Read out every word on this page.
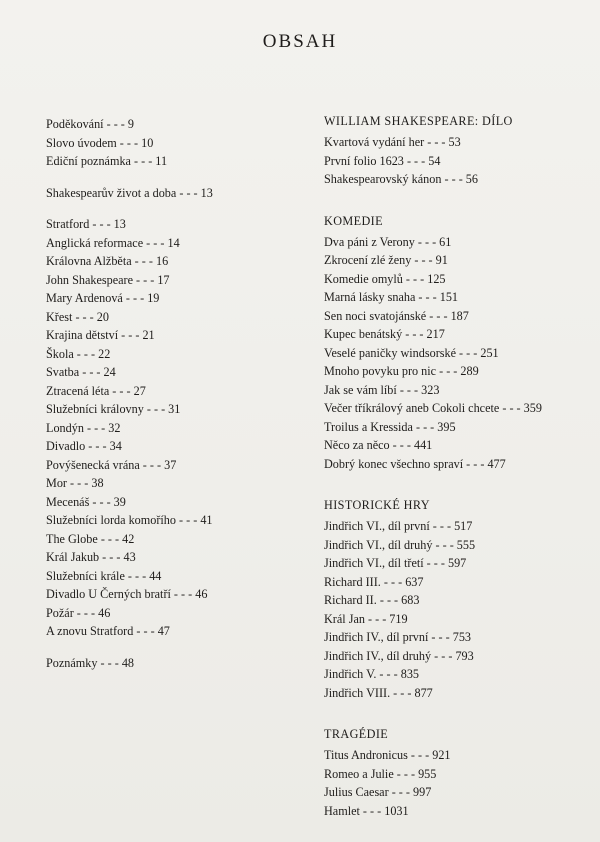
OBSAH
Poděkování - - - 9
Slovo úvodem - - - 10
Ediční poznámka - - - 11
Shakespearův život a doba - - - 13
Stratford - - - 13
Anglická reformace - - - 14
Královna Alžběta - - - 16
John Shakespeare - - - 17
Mary Ardenová - - - 19
Křest - - - 20
Krajina dětství - - - 21
Škola - - - 22
Svatba - - - 24
Ztracená léta - - - 27
Služebníci královny - - - 31
Londýn - - - 32
Divadlo - - - 34
Povýšenecká vrána - - - 37
Mor - - - 38
Mecenáš - - - 39
Služebníci lorda komořího - - - 41
The Globe - - - 42
Král Jakub - - - 43
Služebníci krále - - - 44
Divadlo U Černých bratří - - - 46
Požár - - - 46
A znovu Stratford - - - 47
Poznámky - - - 48
WILLIAM SHAKESPEARE: DÍLO
Kvartová vydání her - - - 53
První folio 1623 - - - 54
Shakespearovský kánon - - - 56
KOMEDIE
Dva páni z Verony - - - 61
Zkrocení zlé ženy - - - 91
Komedie omylů - - - 125
Marná lásky snaha - - - 151
Sen noci svatojánské - - - 187
Kupec benátský - - - 217
Veselé paničky windsorské - - - 251
Mnoho povyku pro nic - - - 289
Jak se vám líbí - - - 323
Večer tříkrálový aneb Cokoli chcete - - - 359
Troilus a Kressida - - - 395
Něco za něco - - - 441
Dobrý konec všechno spraví - - - 477
HISTORICKÉ HRY
Jindřich VI., díl první - - - 517
Jindřich VI., díl druhý - - - 555
Jindřich VI., díl třetí - - - 597
Richard III. - - - 637
Richard II. - - - 683
Král Jan - - - 719
Jindřich IV., díl první - - - 753
Jindřich IV., díl druhý - - - 793
Jindřich V. - - - 835
Jindřich VIII. - - - 877
TRAGÉDIE
Titus Andronicus - - - 921
Romeo a Julie - - - 955
Julius Caesar - - - 997
Hamlet - - - 1031
